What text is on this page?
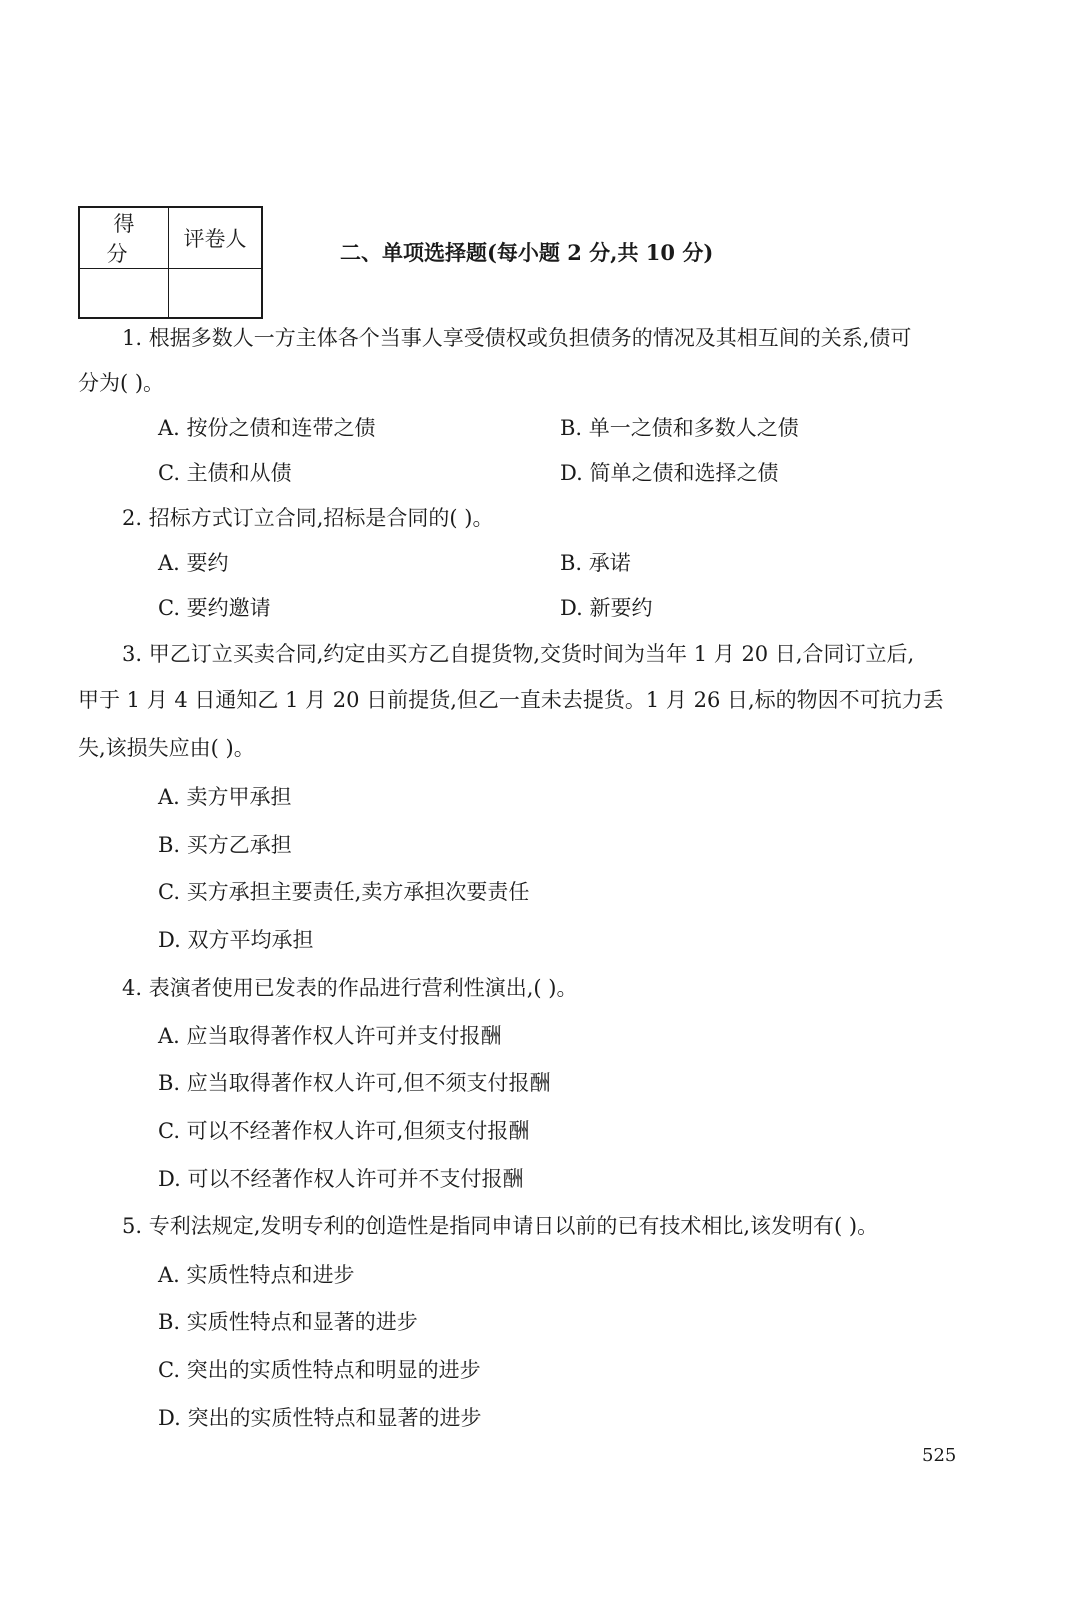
得 分	评卷人

二、单项选择题(每小题 2 分,共 10 分)
1. 根据多数人一方主体各个当事人享受债权或负担债务的情况及其相互间的关系,债可
分为( )。
A. 按份之债和连带之债	B. 单一之债和多数人之债
C. 主债和从债	D. 简单之债和选择之债
2. 招标方式订立合同,招标是合同的( )。
A. 要约	B. 承诺
C. 要约邀请	D. 新要约
3. 甲乙订立买卖合同,约定由买方乙自提货物,交货时间为当年 1 月 20 日,合同订立后,
甲于 1 月 4 日通知乙 1 月 20 日前提货,但乙一直未去提货。1 月 26 日,标的物因不可抗力丢
失,该损失应由( )。
A. 卖方甲承担
B. 买方乙承担
C. 买方承担主要责任,卖方承担次要责任
D. 双方平均承担
4. 表演者使用已发表的作品进行营利性演出,( )。
A. 应当取得著作权人许可并支付报酬
B. 应当取得著作权人许可,但不须支付报酬
C. 可以不经著作权人许可,但须支付报酬
D. 可以不经著作权人许可并不支付报酬
5. 专利法规定,发明专利的创造性是指同申请日以前的已有技术相比,该发明有( )。
A. 实质性特点和进步
B. 实质性特点和显著的进步
C. 突出的实质性特点和明显的进步
D. 突出的实质性特点和显著的进步
525
